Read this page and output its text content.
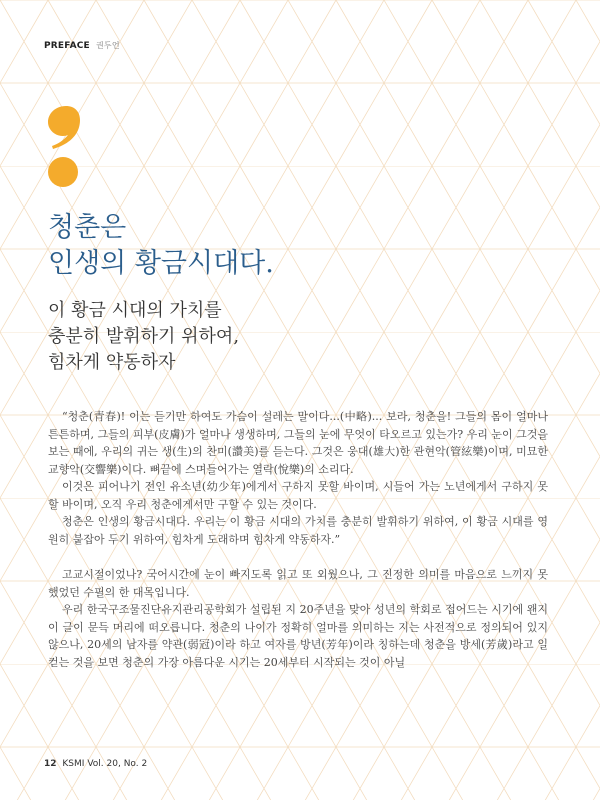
PREFACE 권두언
청춘은
인생의 황금시대다.
이 황금 시대의 가치를
충분히 발휘하기 위하여,
힘차게 약동하자

“청춘(青春)! 이는 듣기만 하여도 가슴이 설레는 말이다...(中略)... 보라, 청춘을! 그들의 몸이 얼마나 튼튼하며, 그들의 피부(皮膚)가 얼마나 생생하며, 그들의 눈에 무엇이 타오르고 있는가? 우리 눈이 그것을 보는 때에, 우리의 귀는 생(生)의 찬미(讚美)를 듣는다. 그것은 웅대(雄大)한 관현악(管絃樂)이며, 미묘한 교향악(交響樂)이다. 뼈끝에 스며들어가는 열락(悅樂)의 소리다.

이것은 피어나기 전인 유소년(幼少年)에게서 구하지 못할 바이며, 시들어 가는 노년에게서 구하지 못할 바이며, 오직 우리 청춘에게서만 구할 수 있는 것이다.

청춘은 인생의 황금시대다. 우리는 이 황금 시대의 가치를 충분히 발휘하기 위하여, 이 황금 시대를 영원히 붙잡아 두기 위하여, 힘차게 도래하며 힘차게 약동하자.”

고교시절이었나? 국어시간에 눈이 빠지도록 읽고 또 외웠으나, 그 진정한 의미를 마음으로 느끼지 못했었던 수필의 한 대목입니다.

우리 한국구조물진단유지관리공학회가 설립된 지 20주년을 맞아 성년의 학회로 접어드는 시기에 왠지 이 글이 문득 머리에 떠오릅니다. 청춘의 나이가 정확히 얼마를 의미하는 지는 사전적으로 정의되어 있지 않으나, 20세의 남자를 약관(弱冠)이라 하고 여자를 방년(芳年)이라 칭하는데 청춘을 방세(芳歲)라고 일컫는 것을 보면 청춘의 가장 아름다운 시기는 20세부터 시작되는 것이 아닐

12 KSMI Vol. 20, No. 2
